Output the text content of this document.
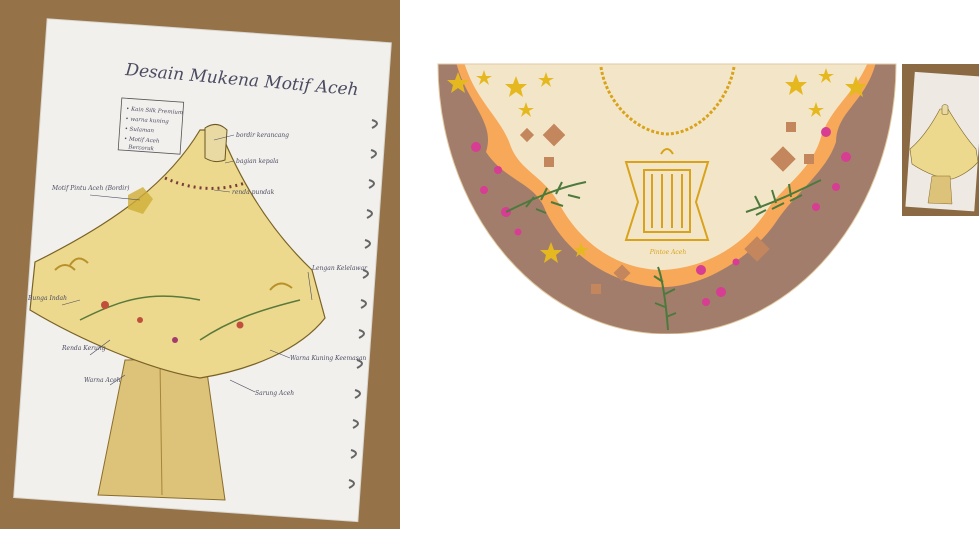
Desain Mukena Motif Aceh
• Kain Silk Premium
• warna kuning
• Sulaman
• Motif Aceh
Bercorak
bordir kerancang
bagian kepala
renda pundak
Motif Pintu Aceh (Bordir)
Lengan Kelelawar
Bunga Indah
Renda Kerung
Warna Kuning Keemasan
Warna Aceh
Sarung Aceh
Pintoe Aceh
